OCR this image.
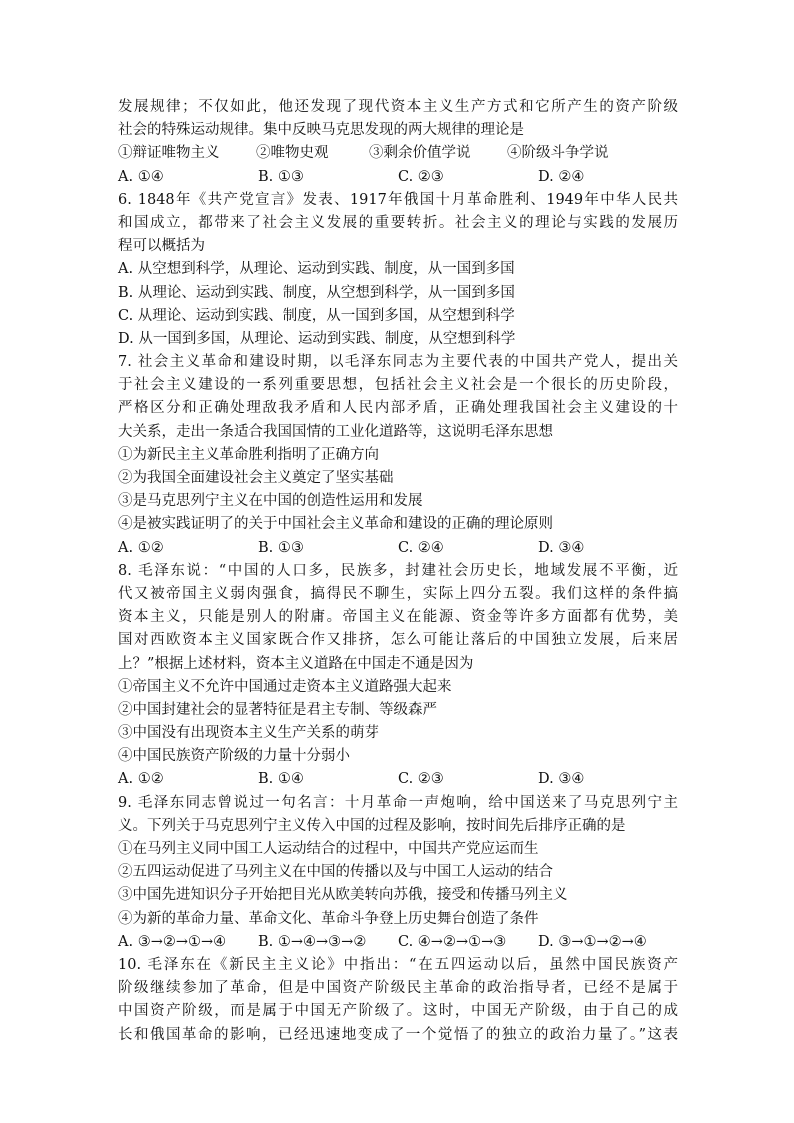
发展规律；不仅如此，他还发现了现代资本主义生产方式和它所产生的资产阶级
社会的特殊运动规律。集中反映马克思发现的两大规律的理论是
①辩证唯物主义	②唯物史观	③剩余价值学说	④阶级斗争学说
A. ①④	B. ①③	C. ②③	D. ②④
6. 1848年《共产党宣言》发表、1917年俄国十月革命胜利、1949年中华人民共
和国成立，都带来了社会主义发展的重要转折。社会主义的理论与实践的发展历
程可以概括为
A. 从空想到科学，从理论、运动到实践、制度，从一国到多国
B. 从理论、运动到实践、制度，从空想到科学，从一国到多国
C. 从理论、运动到实践、制度，从一国到多国，从空想到科学
D. 从一国到多国，从理论、运动到实践、制度，从空想到科学
7. 社会主义革命和建设时期，以毛泽东同志为主要代表的中国共产党人，提出关
于社会主义建设的一系列重要思想，包括社会主义社会是一个很长的历史阶段，
严格区分和正确处理敌我矛盾和人民内部矛盾，正确处理我国社会主义建设的十
大关系，走出一条适合我国国情的工业化道路等，这说明毛泽东思想
①为新民主主义革命胜利指明了正确方向
②为我国全面建设社会主义奠定了坚实基础
③是马克思列宁主义在中国的创造性运用和发展
④是被实践证明了的关于中国社会主义革命和建设的正确的理论原则
A. ①②	B. ①③	C. ②④	D. ③④
8. 毛泽东说：“中国的人口多，民族多，封建社会历史长，地域发展不平衡，近
代又被帝国主义弱肉强食，搞得民不聊生，实际上四分五裂。我们这样的条件搞
资本主义，只能是别人的附庸。帝国主义在能源、资金等许多方面都有优势，美
国对西欧资本主义国家既合作又排挤，怎么可能让落后的中国独立发展，后来居
上？”根据上述材料，资本主义道路在中国走不通是因为
①帝国主义不允许中国通过走资本主义道路强大起来
②中国封建社会的显著特征是君主专制、等级森严
③中国没有出现资本主义生产关系的萌芽
④中国民族资产阶级的力量十分弱小
A. ①②	B. ①④	C. ②③	D. ③④
9. 毛泽东同志曾说过一句名言：十月革命一声炮响，给中国送来了马克思列宁主
义。下列关于马克思列宁主义传入中国的过程及影响，按时间先后排序正确的是
①在马列主义同中国工人运动结合的过程中，中国共产党应运而生
②五四运动促进了马列主义在中国的传播以及与中国工人运动的结合
③中国先进知识分子开始把目光从欧美转向苏俄，接受和传播马列主义
④为新的革命力量、革命文化、革命斗争登上历史舞台创造了条件
A. ③→②→①→④	B. ①→④→③→②	C. ④→②→①→③	D. ③→①→②→④
10. 毛泽东在《新民主主义论》中指出：“在五四运动以后，虽然中国民族资产
阶级继续参加了革命，但是中国资产阶级民主革命的政治指导者，已经不是属于
中国资产阶级，而是属于中国无产阶级了。这时，中国无产阶级，由于自己的成
长和俄国革命的影响，已经迅速地变成了一个觉悟了的独立的政治力量了。”这表
